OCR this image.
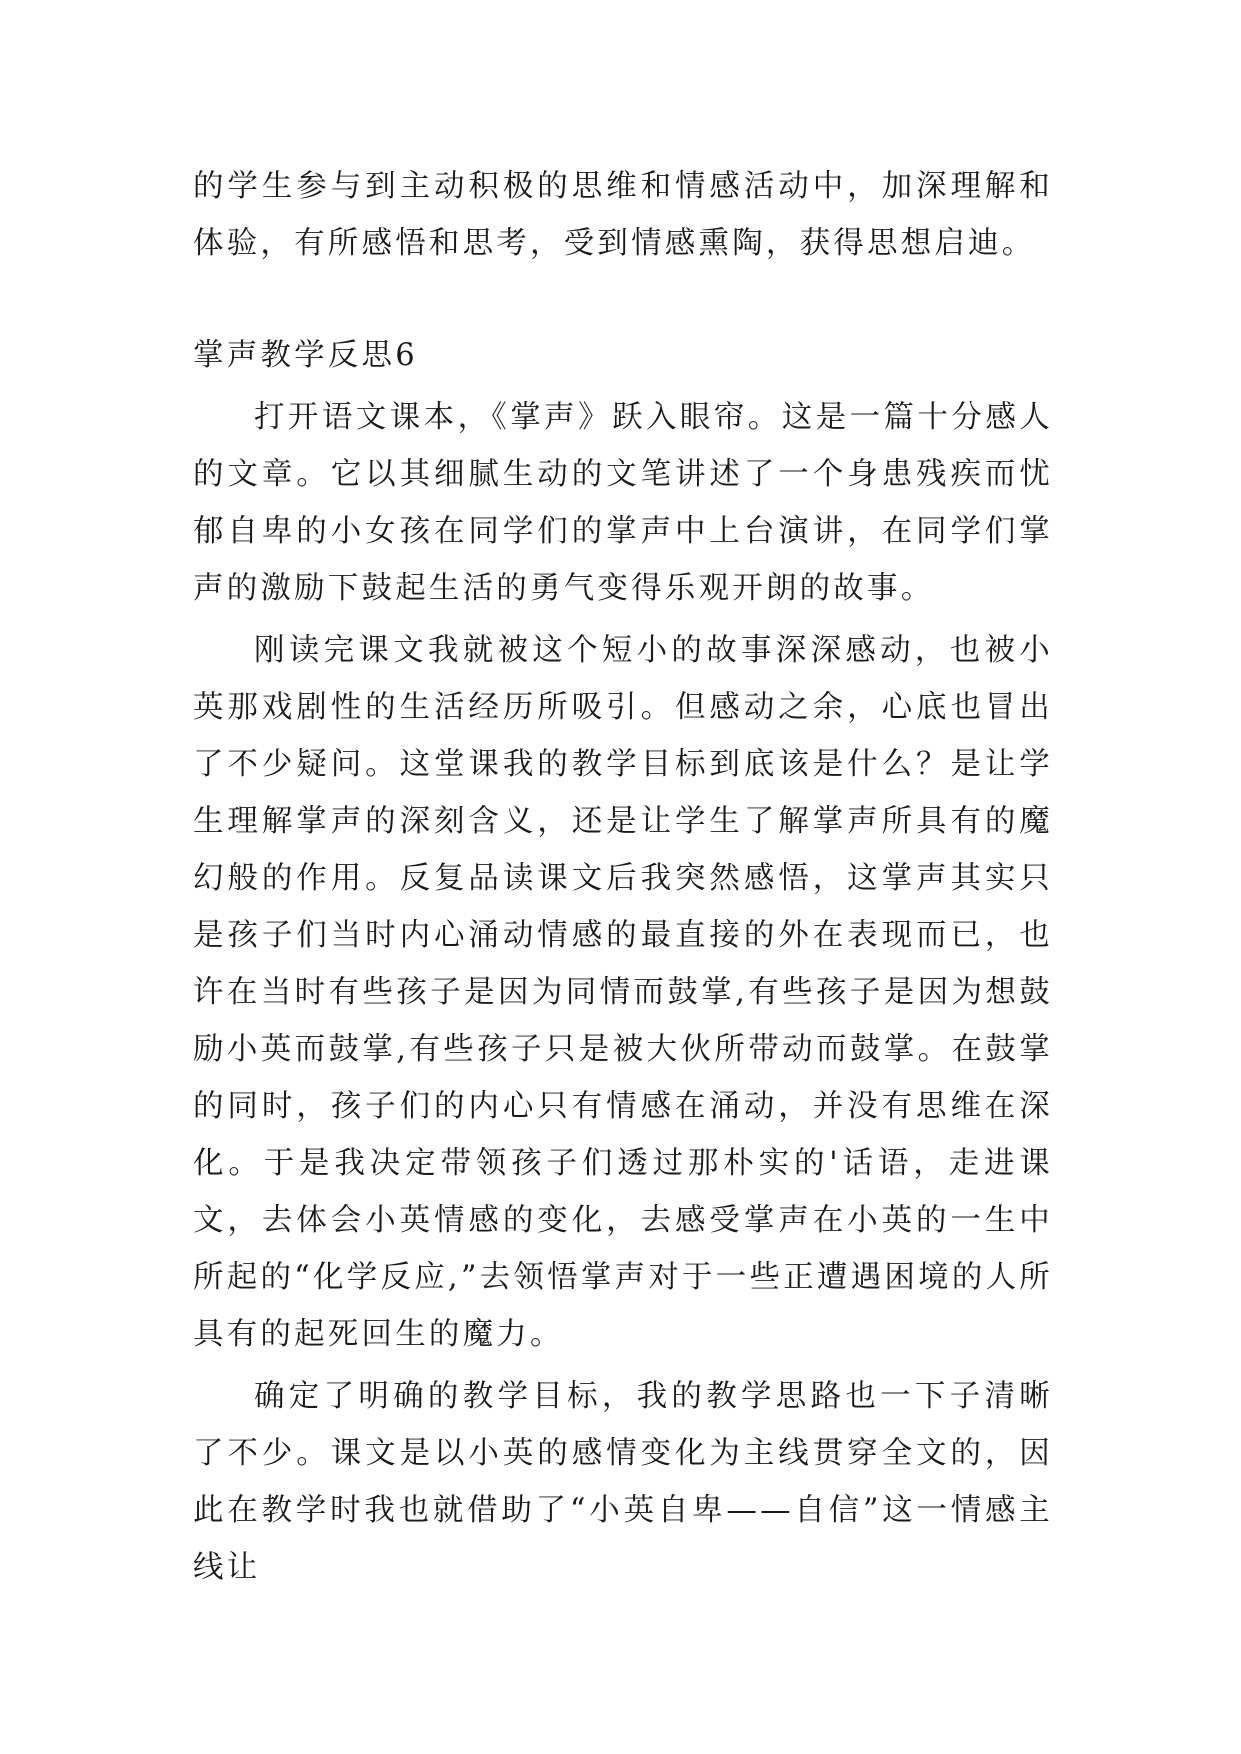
的学生参与到主动积极的思维和情感活动中，加深理解和体验，有所感悟和思考，受到情感熏陶，获得思想启迪。

掌声教学反思6

打开语文课本，《掌声》跃入眼帘。这是一篇十分感人的文章。它以其细腻生动的文笔讲述了一个身患残疾而忧郁自卑的小女孩在同学们的掌声中上台演讲，在同学们掌声的激励下鼓起生活的勇气变得乐观开朗的故事。

刚读完课文我就被这个短小的故事深深感动，也被小英那戏剧性的生活经历所吸引。但感动之余，心底也冒出了不少疑问。这堂课我的教学目标到底该是什么？是让学生理解掌声的深刻含义，还是让学生了解掌声所具有的魔幻般的作用。反复品读课文后我突然感悟，这掌声其实只是孩子们当时内心涌动情感的最直接的外在表现而已，也许在当时有些孩子是因为同情而鼓掌,有些孩子是因为想鼓励小英而鼓掌,有些孩子只是被大伙所带动而鼓掌。在鼓掌的同时，孩子们的内心只有情感在涌动，并没有思维在深化。于是我决定带领孩子们透过那朴实的'话语，走进课文，去体会小英情感的变化，去感受掌声在小英的一生中所起的“化学反应,”去领悟掌声对于一些正遭遇困境的人所具有的起死回生的魔力。

确定了明确的教学目标，我的教学思路也一下子清晰了不少。课文是以小英的感情变化为主线贯穿全文的，因此在教学时我也就借助了“小英自卑——自信”这一情感主线让
